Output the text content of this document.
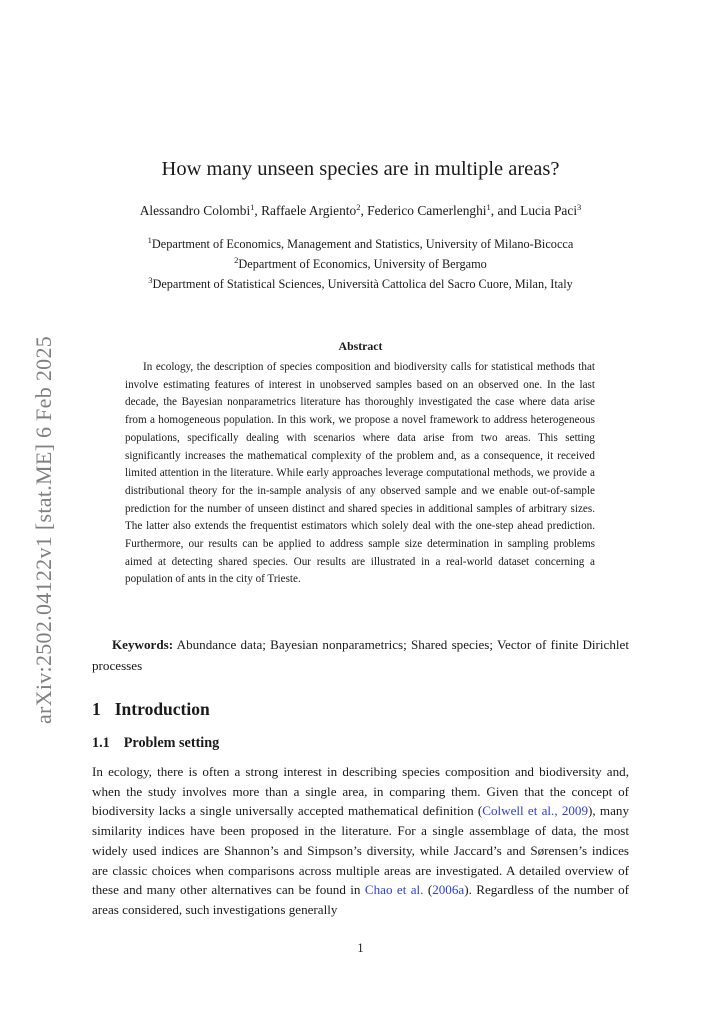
arXiv:2502.04122v1 [stat.ME] 6 Feb 2025
How many unseen species are in multiple areas?
Alessandro Colombi$^1$, Raffaele Argiento$^2$, Federico Camerlenghi$^1$, and Lucia Paci$^3$
$^1$Department of Economics, Management and Statistics, University of Milano-Bicocca
$^2$Department of Economics, University of Bergamo
$^3$Department of Statistical Sciences, Università Cattolica del Sacro Cuore, Milan, Italy
Abstract

In ecology, the description of species composition and biodiversity calls for statistical methods that involve estimating features of interest in unobserved samples based on an observed one. In the last decade, the Bayesian nonparametrics literature has thoroughly investigated the case where data arise from a homogeneous population. In this work, we propose a novel framework to address heterogeneous populations, specifically dealing with scenarios where data arise from two areas. This setting significantly increases the mathematical complexity of the problem and, as a consequence, it received limited attention in the literature. While early approaches leverage computational methods, we provide a distributional theory for the in-sample analysis of any observed sample and we enable out-of-sample prediction for the number of unseen distinct and shared species in additional samples of arbitrary sizes. The latter also extends the frequentist estimators which solely deal with the one-step ahead prediction. Furthermore, our results can be applied to address sample size determination in sampling problems aimed at detecting shared species. Our results are illustrated in a real-world dataset concerning a population of ants in the city of Trieste.

Keywords: Abundance data; Bayesian nonparametrics; Shared species; Vector of finite Dirichlet processes

1 Introduction
1.1 Problem setting

In ecology, there is often a strong interest in describing species composition and biodiversity and, when the study involves more than a single area, in comparing them. Given that the concept of biodiversity lacks a single universally accepted mathematical definition (Colwell et al., 2009), many similarity indices have been proposed in the literature. For a single assemblage of data, the most widely used indices are Shannon’s and Simpson’s diversity, while Jaccard’s and Sørensen’s indices are classic choices when comparisons across multiple areas are investigated. A detailed overview of these and many other alternatives can be found in Chao et al. (2006a). Regardless of the number of areas considered, such investigations generally

1
